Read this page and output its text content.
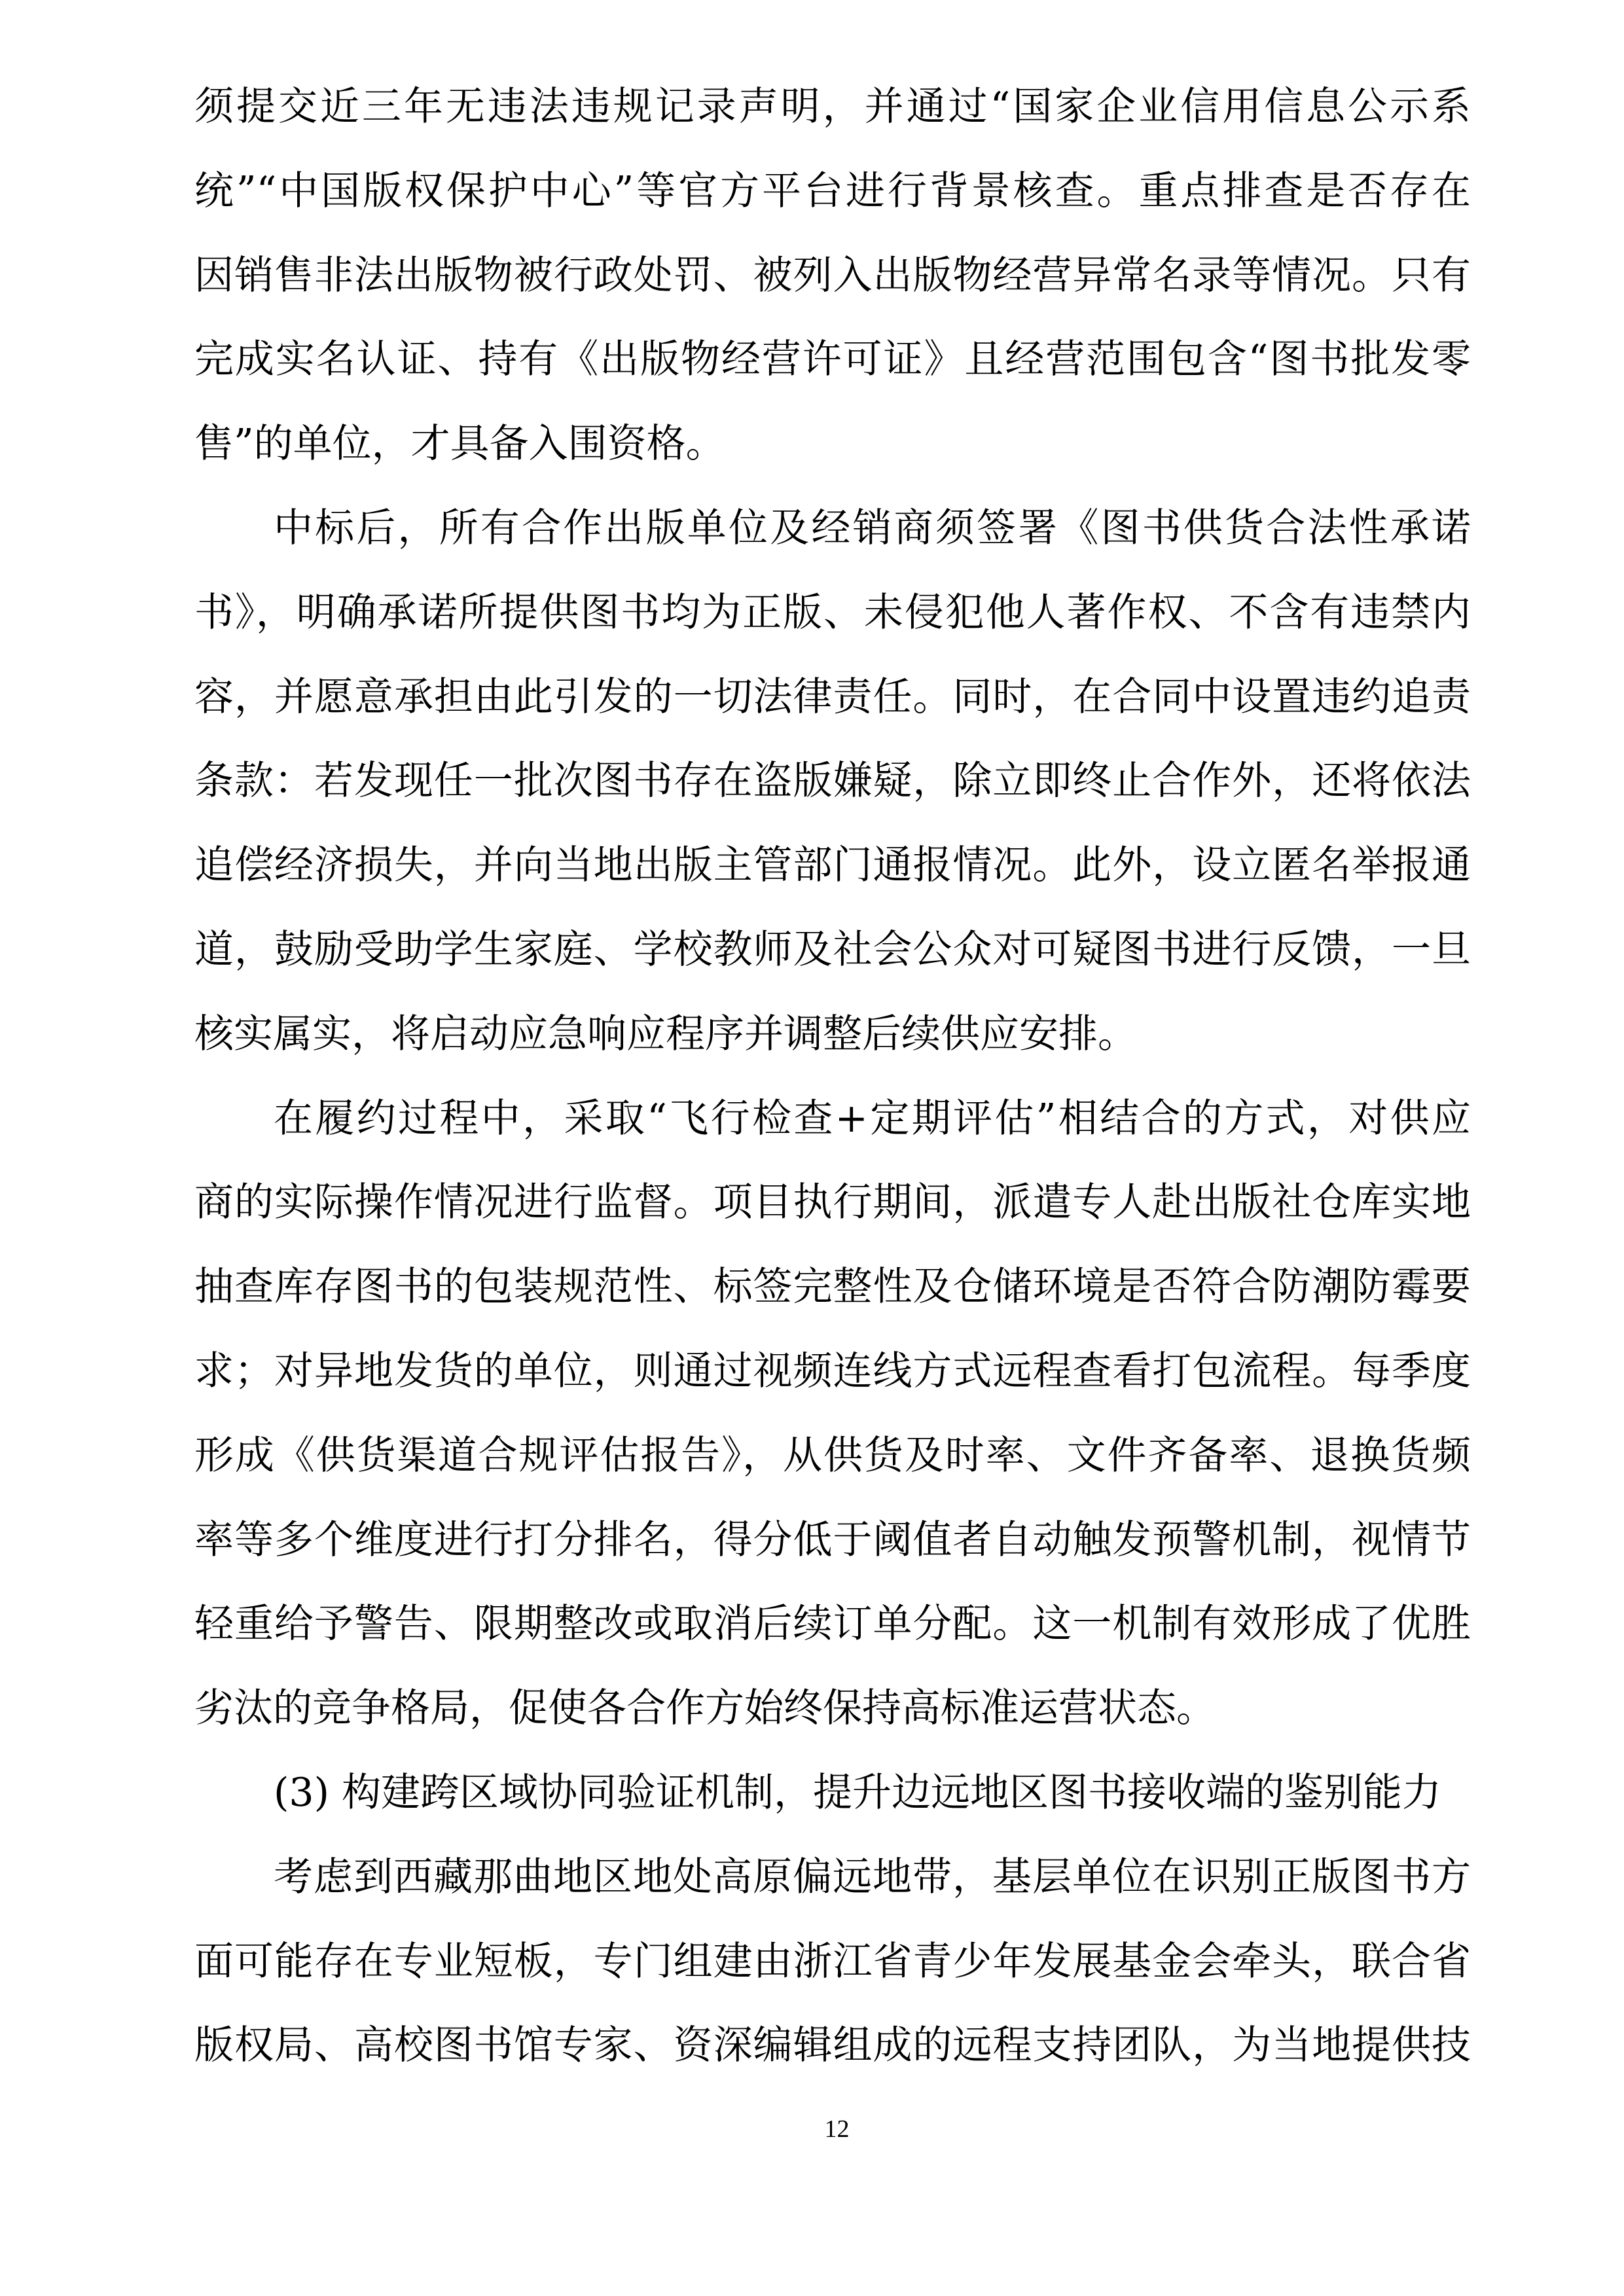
须提交近三年无违法违规记录声明，并通过“国家企业信用信息公示系
统”“中国版权保护中心”等官方平台进行背景核查。重点排查是否存在
因销售非法出版物被行政处罚、被列入出版物经营异常名录等情况。只有
完成实名认证、持有《出版物经营许可证》且经营范围包含“图书批发零
售”的单位，才具备入围资格。
中标后，所有合作出版单位及经销商须签署《图书供货合法性承诺
书》，明确承诺所提供图书均为正版、未侵犯他人著作权、不含有违禁内
容，并愿意承担由此引发的一切法律责任。同时，在合同中设置违约追责
条款：若发现任一批次图书存在盗版嫌疑，除立即终止合作外，还将依法
追偿经济损失，并向当地出版主管部门通报情况。此外，设立匿名举报通
道，鼓励受助学生家庭、学校教师及社会公众对可疑图书进行反馈，一旦
核实属实，将启动应急响应程序并调整后续供应安排。
在履约过程中，采取“飞行检查+定期评估”相结合的方式，对供应
商的实际操作情况进行监督。项目执行期间，派遣专人赴出版社仓库实地
抽查库存图书的包装规范性、标签完整性及仓储环境是否符合防潮防霉要
求；对异地发货的单位，则通过视频连线方式远程查看打包流程。每季度
形成《供货渠道合规评估报告》，从供货及时率、文件齐备率、退换货频
率等多个维度进行打分排名，得分低于阈值者自动触发预警机制，视情节
轻重给予警告、限期整改或取消后续订单分配。这一机制有效形成了优胜
劣汰的竞争格局，促使各合作方始终保持高标准运营状态。
(3) 构建跨区域协同验证机制，提升边远地区图书接收端的鉴别能力
考虑到西藏那曲地区地处高原偏远地带，基层单位在识别正版图书方
面可能存在专业短板，专门组建由浙江省青少年发展基金会牵头，联合省
版权局、高校图书馆专家、资深编辑组成的远程支持团队，为当地提供技
12
